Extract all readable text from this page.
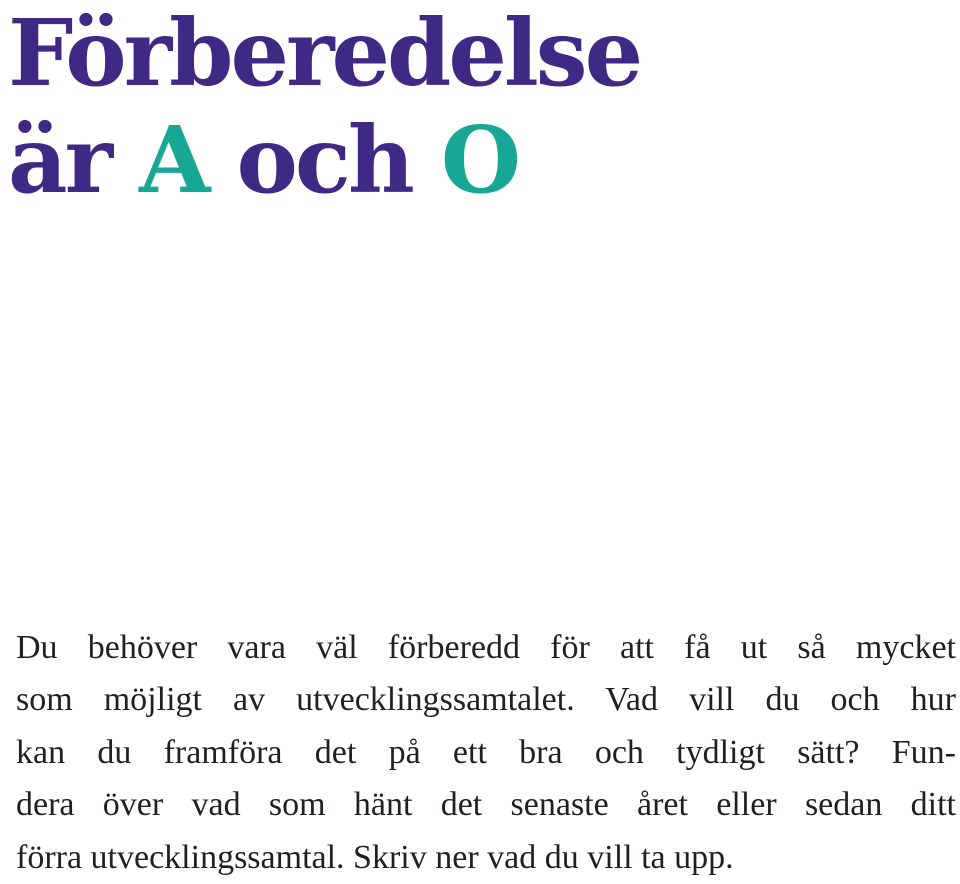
Förberedelse
är A och O

Du behöver vara väl förberedd för att få ut så mycket
som möjligt av utvecklingssamtalet. Vad vill du och hur
kan du framföra det på ett bra och tydligt sätt? Fun-
dera över vad som hänt det senaste året eller sedan ditt
förra utvecklingssamtal. Skriv ner vad du vill ta upp.
